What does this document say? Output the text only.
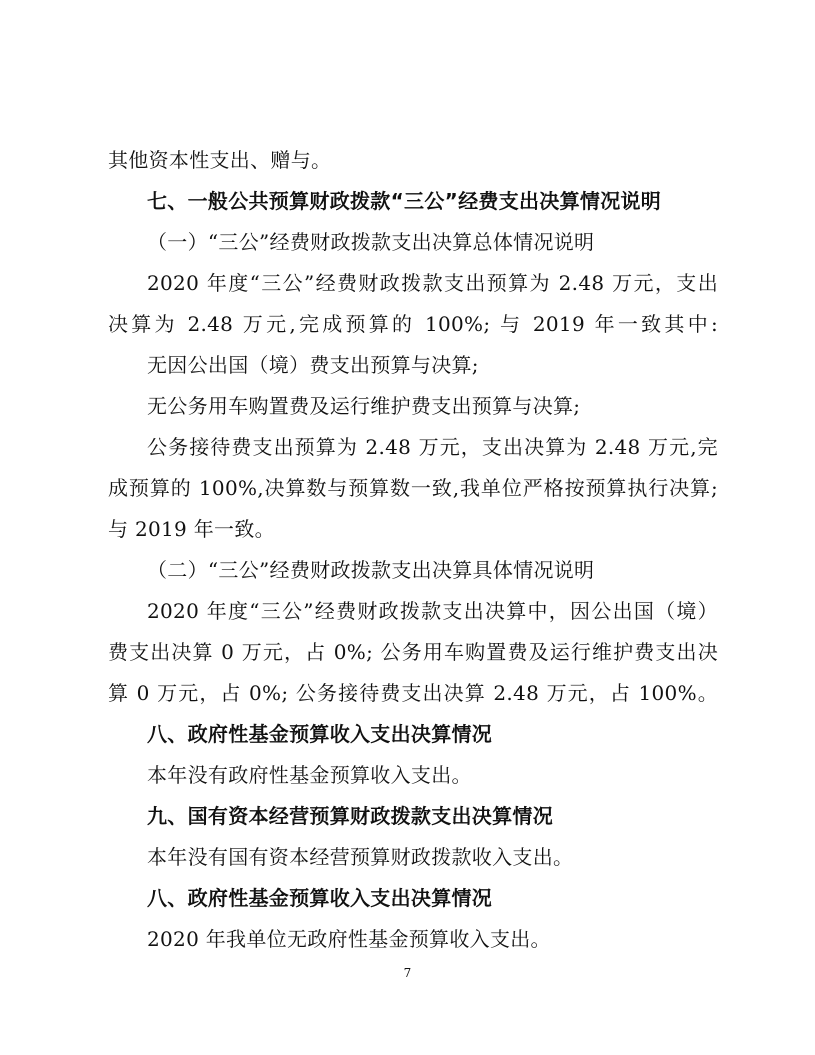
其他资本性支出、赠与。
七、一般公共预算财政拨款“三公”经费支出决算情况说明
（一）“三公”经费财政拨款支出决算总体情况说明
2020 年度“三公”经费财政拨款支出预算为 2.48 万元，支出
决算为 2.48 万元,完成预算的 100%; 与 2019 年一致其中:
无因公出国（境）费支出预算与决算;
无公务用车购置费及运行维护费支出预算与决算;
公务接待费支出预算为 2.48 万元，支出决算为 2.48 万元,完
成预算的 100%,决算数与预算数一致,我单位严格按预算执行决算;
与 2019 年一致。
（二）“三公”经费财政拨款支出决算具体情况说明
2020 年度“三公”经费财政拨款支出决算中，因公出国（境）
费支出决算 0 万元，占 0%; 公务用车购置费及运行维护费支出决
算 0 万元，占 0%; 公务接待费支出决算 2.48 万元，占 100%。
八、政府性基金预算收入支出决算情况
本年没有政府性基金预算收入支出。
九、国有资本经营预算财政拨款支出决算情况
本年没有国有资本经营预算财政拨款收入支出。
八、政府性基金预算收入支出决算情况
2020 年我单位无政府性基金预算收入支出。
7
